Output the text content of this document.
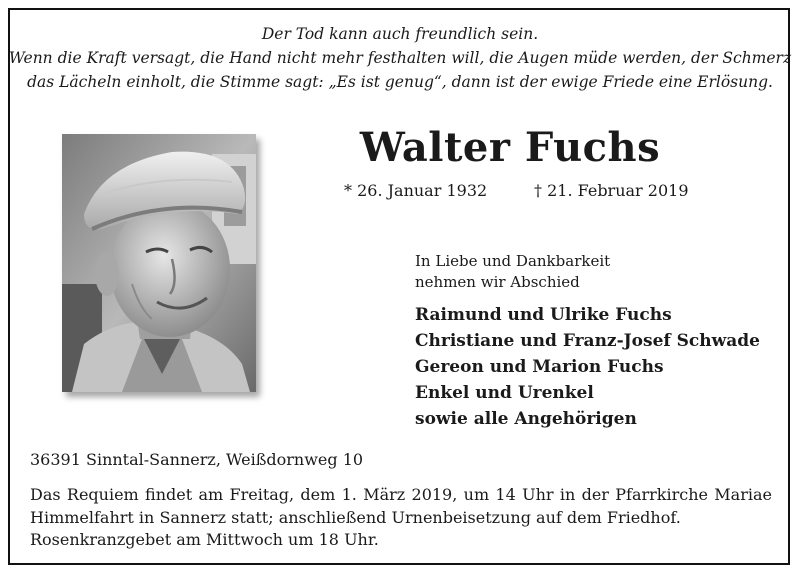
Der Tod kann auch freundlich sein.
Wenn die Kraft versagt, die Hand nicht mehr festhalten will, die Augen müde werden, der Schmerz
das Lächeln einholt, die Stimme sagt: „Es ist genug“, dann ist der ewige Friede eine Erlösung.
Walter Fuchs
* 26. Januar 1932	† 21. Februar 2019
In Liebe und Dankbarkeit
nehmen wir Abschied
Raimund und Ulrike Fuchs
Christiane und Franz-Josef Schwade
Gereon und Marion Fuchs
Enkel und Urenkel
sowie alle Angehörigen
36391 Sinntal-Sannerz, Weißdornweg 10
Das Requiem findet am Freitag, dem 1. März 2019, um 14 Uhr in der Pfarrkirche Mariae
Himmelfahrt in Sannerz statt; anschließend Urnenbeisetzung auf dem Friedhof.
Rosenkranzgebet am Mittwoch um 18 Uhr.
